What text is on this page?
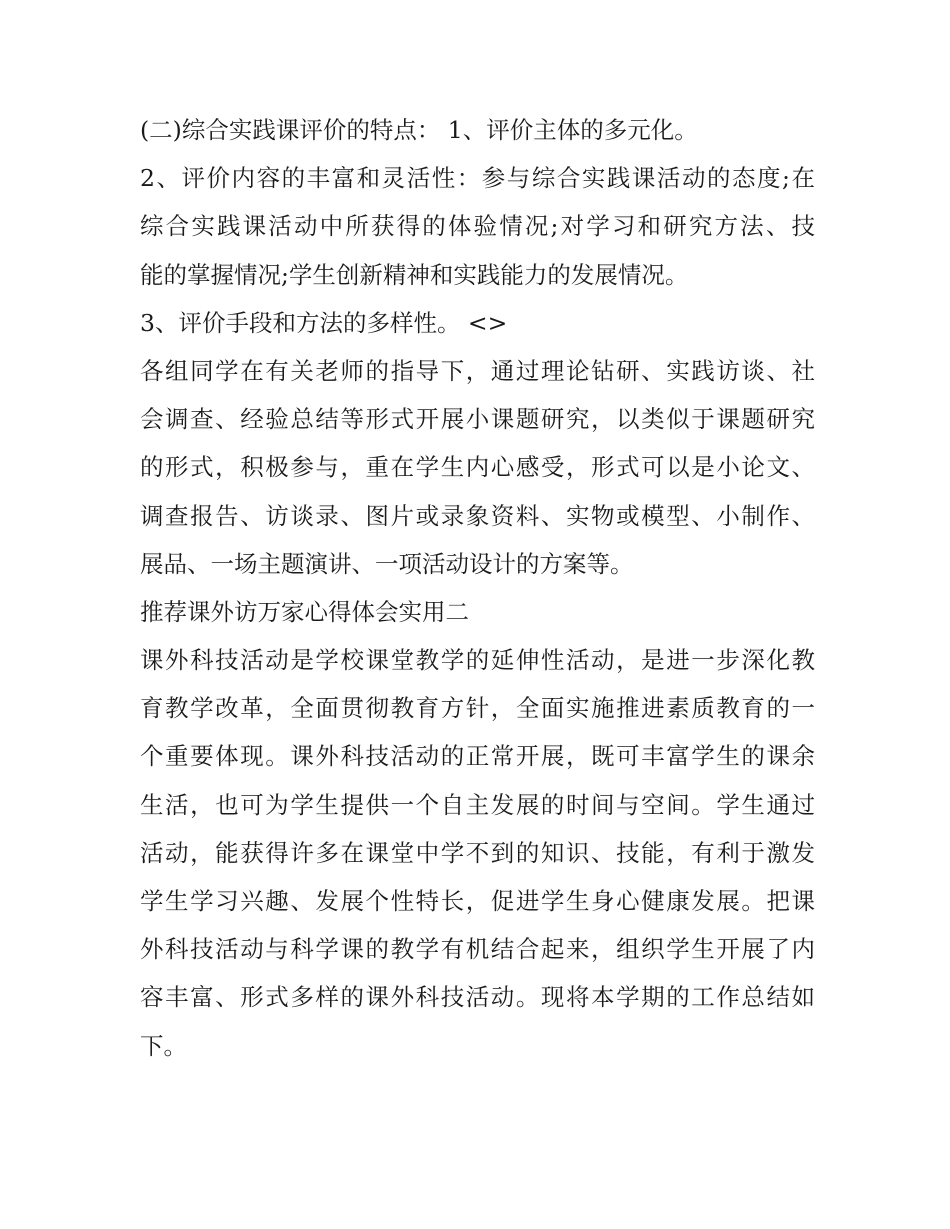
(二)综合实践课评价的特点： 1、评价主体的多元化。
2、评价内容的丰富和灵活性：参与综合实践课活动的态度;在
综合实践课活动中所获得的体验情况;对学习和研究方法、技
能的掌握情况;学生创新精神和实践能力的发展情况。
3、评价手段和方法的多样性。 <>
各组同学在有关老师的指导下，通过理论钻研、实践访谈、社
会调查、经验总结等形式开展小课题研究，以类似于课题研究
的形式，积极参与，重在学生内心感受，形式可以是小论文、
调查报告、访谈录、图片或录象资料、实物或模型、小制作、
展品、一场主题演讲、一项活动设计的方案等。
推荐课外访万家心得体会实用二
课外科技活动是学校课堂教学的延伸性活动，是进一步深化教
育教学改革，全面贯彻教育方针，全面实施推进素质教育的一
个重要体现。课外科技活动的正常开展，既可丰富学生的课余
生活，也可为学生提供一个自主发展的时间与空间。学生通过
活动，能获得许多在课堂中学不到的知识、技能，有利于激发
学生学习兴趣、发展个性特长，促进学生身心健康发展。把课
外科技活动与科学课的教学有机结合起来，组织学生开展了内
容丰富、形式多样的课外科技活动。现将本学期的工作总结如
下。
